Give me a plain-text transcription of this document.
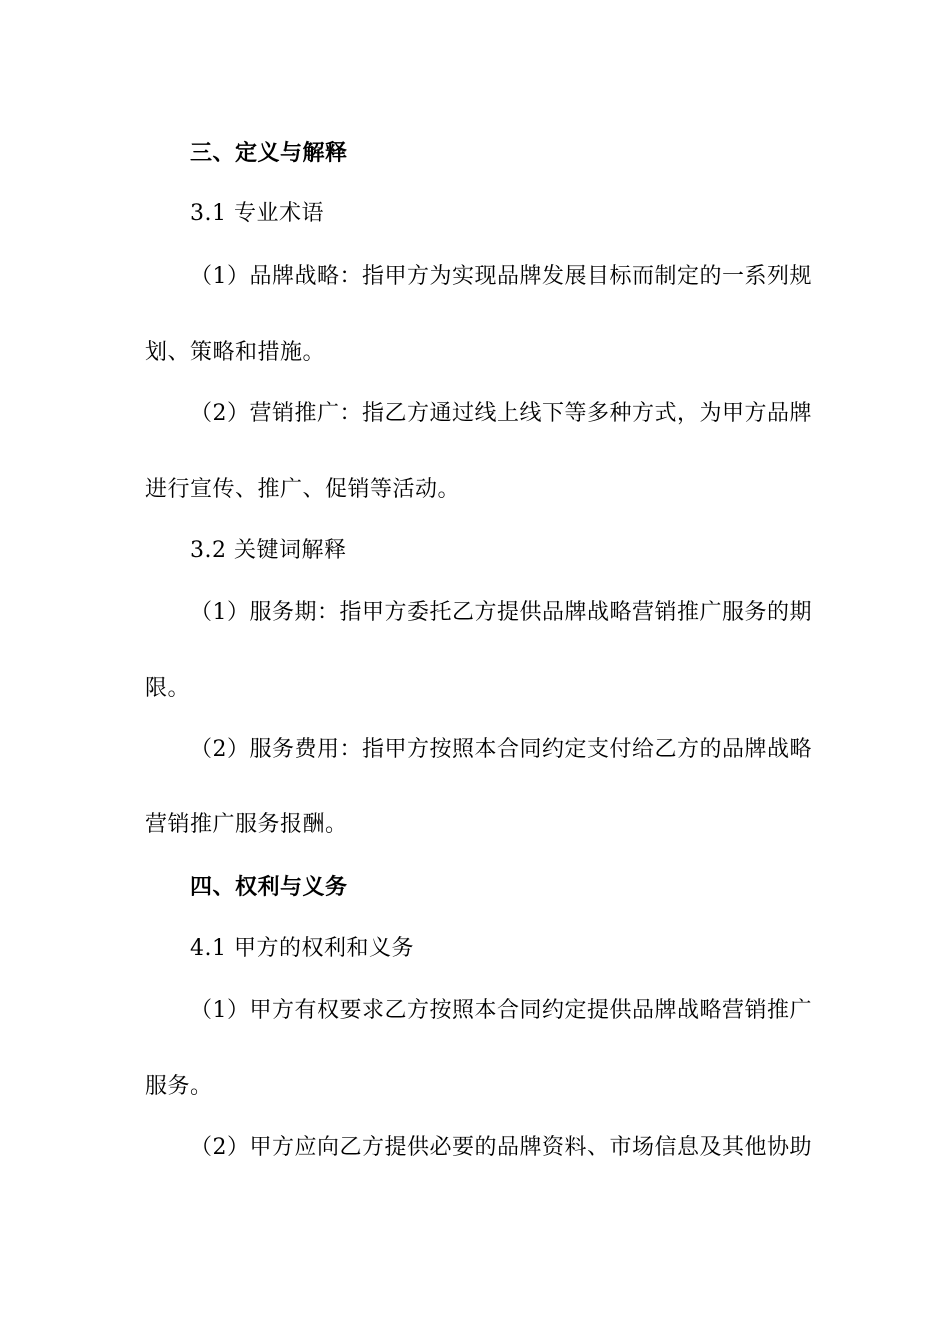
三、定义与解释
3.1 专业术语
（1）品牌战略：指甲方为实现品牌发展目标而制定的一系列规
划、策略和措施。
（2）营销推广：指乙方通过线上线下等多种方式，为甲方品牌
进行宣传、推广、促销等活动。
3.2 关键词解释
（1）服务期：指甲方委托乙方提供品牌战略营销推广服务的期
限。
（2）服务费用：指甲方按照本合同约定支付给乙方的品牌战略
营销推广服务报酬。
四、权利与义务
4.1 甲方的权利和义务
（1）甲方有权要求乙方按照本合同约定提供品牌战略营销推广
服务。
（2）甲方应向乙方提供必要的品牌资料、市场信息及其他协助
